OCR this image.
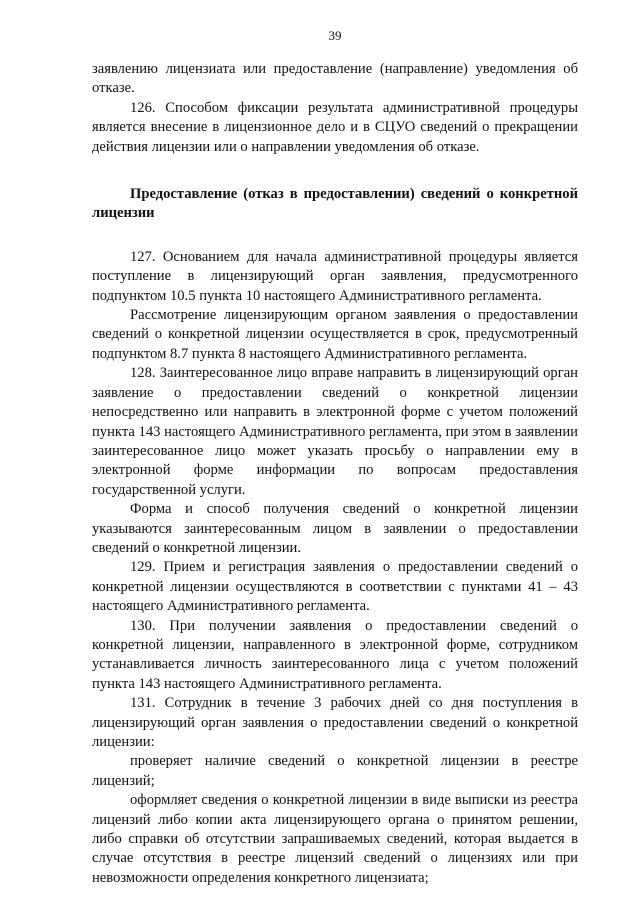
39

заявлению лицензиата или предоставление (направление) уведомления об отказе.

126. Способом фиксации результата административной процедуры является внесение в лицензионное дело и в СЦУО сведений о прекращении действия лицензии или о направлении уведомления об отказе.

Предоставление (отказ в предоставлении) сведений о конкретной лицензии

127. Основанием для начала административной процедуры является поступление в лицензирующий орган заявления, предусмотренного подпунктом 10.5 пункта 10 настоящего Административного регламента.

Рассмотрение лицензирующим органом заявления о предоставлении сведений о конкретной лицензии осуществляется в срок, предусмотренный подпунктом 8.7 пункта 8 настоящего Административного регламента.

128. Заинтересованное лицо вправе направить в лицензирующий орган заявление о предоставлении сведений о конкретной лицензии непосредственно или направить в электронной форме с учетом положений пункта 143 настоящего Административного регламента, при этом в заявлении заинтересованное лицо может указать просьбу о направлении ему в электронной форме информации по вопросам предоставления государственной услуги.

Форма и способ получения сведений о конкретной лицензии указываются заинтересованным лицом в заявлении о предоставлении сведений о конкретной лицензии.

129. Прием и регистрация заявления о предоставлении сведений о конкретной лицензии осуществляются в соответствии с пунктами 41 – 43 настоящего Административного регламента.

130. При получении заявления о предоставлении сведений о конкретной лицензии, направленного в электронной форме, сотрудником устанавливается личность заинтересованного лица с учетом положений пункта 143 настоящего Административного регламента.

131. Сотрудник в течение 3 рабочих дней со дня поступления в лицензирующий орган заявления о предоставлении сведений о конкретной лицензии:

проверяет наличие сведений о конкретной лицензии в реестре лицензий;

оформляет сведения о конкретной лицензии в виде выписки из реестра лицензий либо копии акта лицензирующего органа о принятом решении, либо справки об отсутствии запрашиваемых сведений, которая выдается в случае отсутствия в реестре лицензий сведений о лицензиях или при невозможности определения конкретного лицензиата;
